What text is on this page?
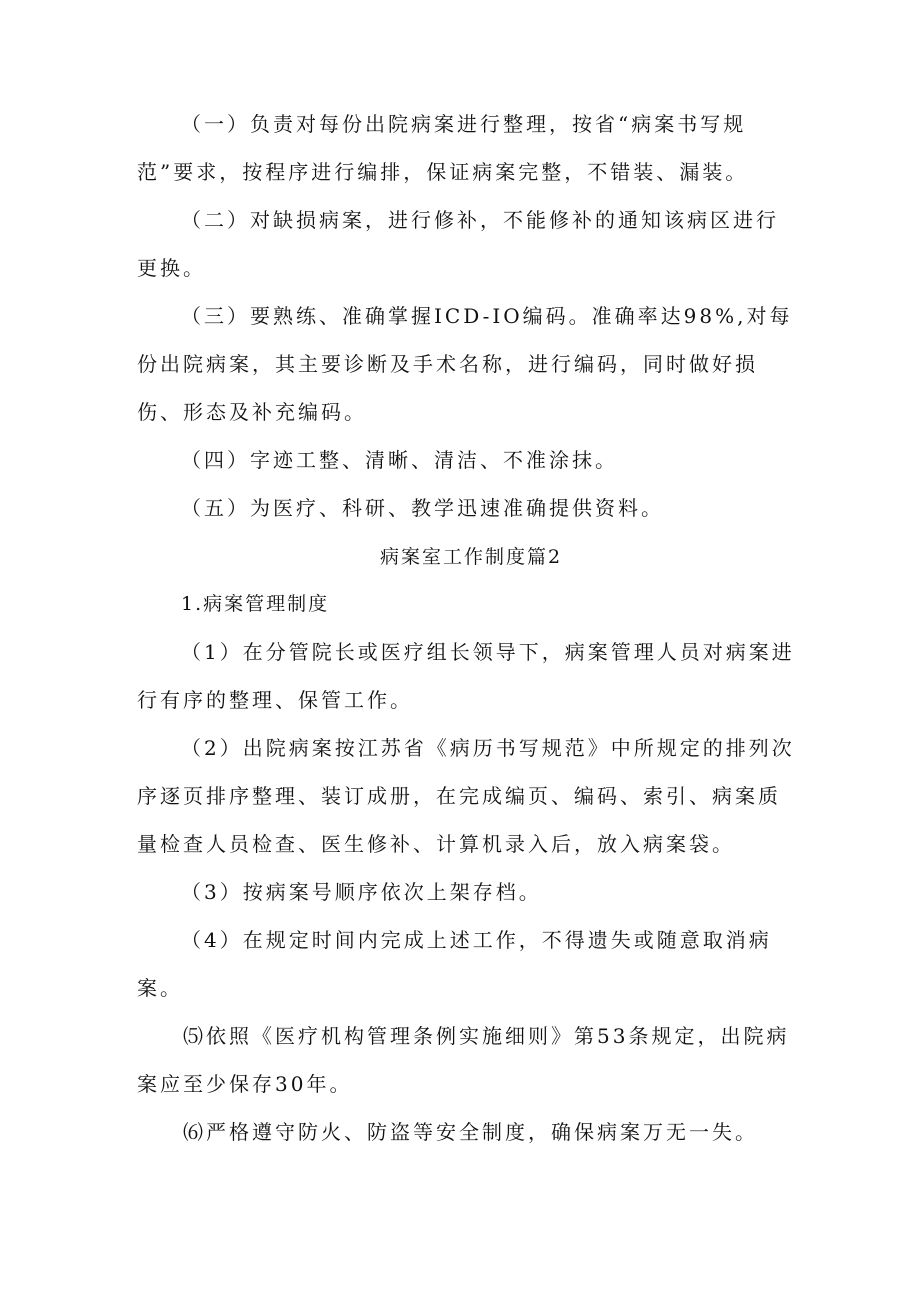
（一）负责对每份出院病案进行整理，按省“病案书写规范”要求，按程序进行编排，保证病案完整，不错装、漏装。

（二）对缺损病案，进行修补，不能修补的通知该病区进行更换。

（三）要熟练、准确掌握ICD-IO编码。准确率达98%,对每份出院病案，其主要诊断及手术名称，进行编码，同时做好损伤、形态及补充编码。

（四）字迹工整、清晰、清洁、不准涂抹。

（五）为医疗、科研、教学迅速准确提供资料。

病案室工作制度篇2

1.病案管理制度

（1）在分管院长或医疗组长领导下，病案管理人员对病案进行有序的整理、保管工作。

（2）出院病案按江苏省《病历书写规范》中所规定的排列次序逐页排序整理、装订成册，在完成编页、编码、索引、病案质量检查人员检查、医生修补、计算机录入后，放入病案袋。

（3）按病案号顺序依次上架存档。

（4）在规定时间内完成上述工作，不得遗失或随意取消病案。

⑸依照《医疗机构管理条例实施细则》第53条规定，出院病案应至少保存30年。

⑹严格遵守防火、防盗等安全制度，确保病案万无一失。
